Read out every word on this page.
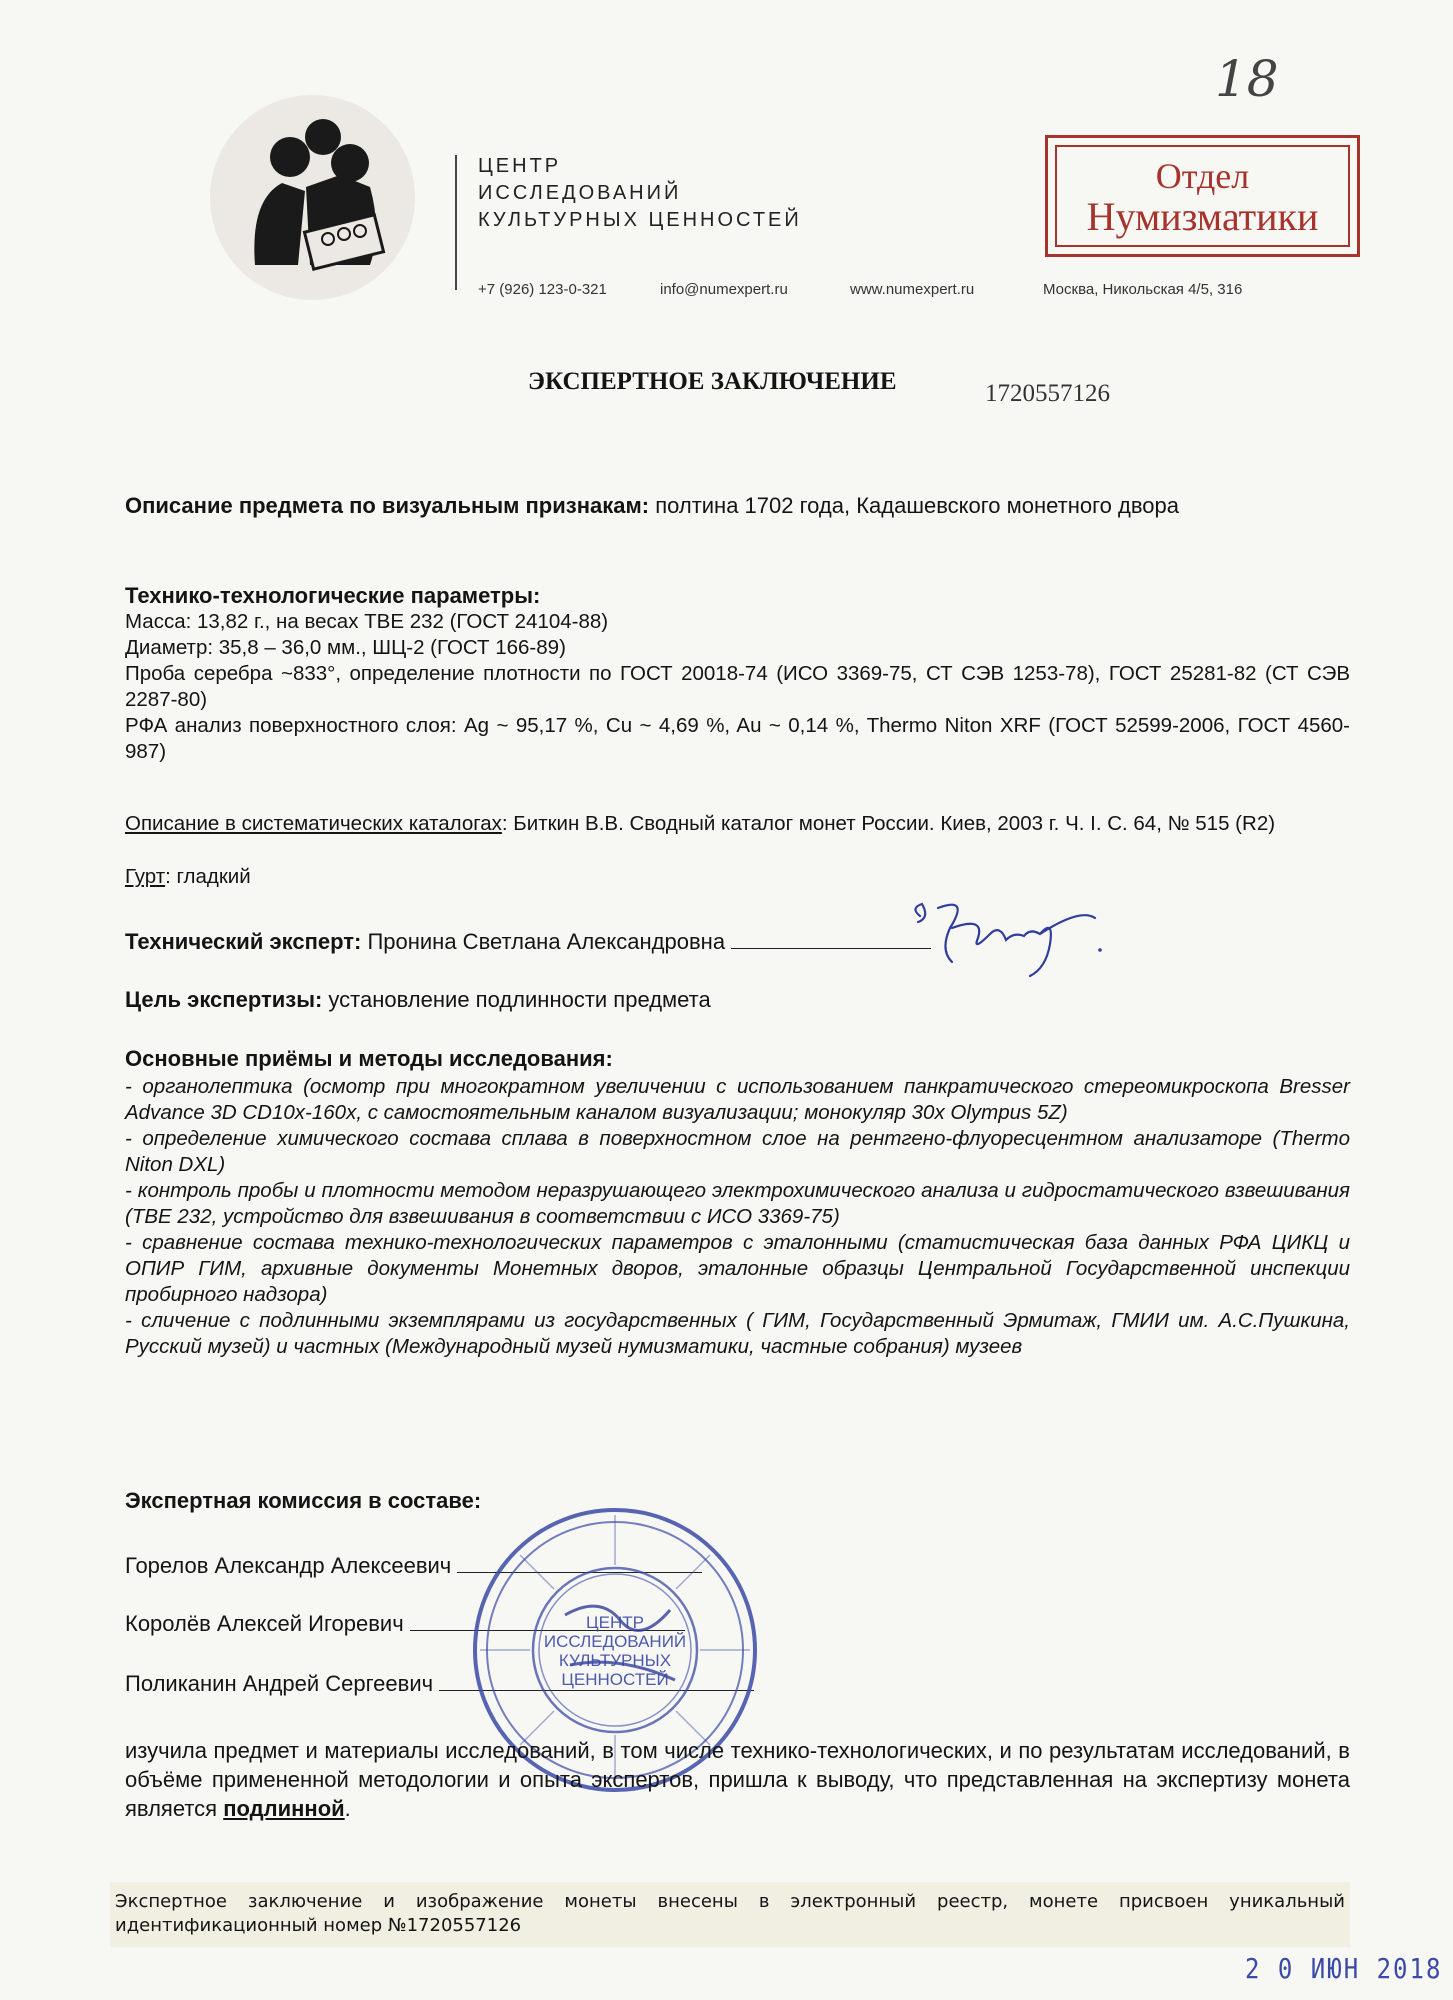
ЦЕНТР
ИССЛЕДОВАНИЙ
КУЛЬТУРНЫХ ЦЕННОСТЕЙ
+7 (926) 123-0-321	info@numexpert.ru	www.numexpert.ru	Москва, Никольская 4/5, 316
Отдел
Нумизматики
18
ЭКСПЕРТНОЕ ЗАКЛЮЧЕНИЕ	1720557126
Описание предмета по визуальным признакам: полтина 1702 года, Кадашевского монетного двора
Технико-технологические параметры:
Масса: 13,82 г., на весах ТВЕ 232 (ГОСТ 24104-88)
Диаметр: 35,8 – 36,0 мм., ШЦ-2 (ГОСТ 166-89)
Проба серебра ~833°, определение плотности по ГОСТ 20018-74 (ИСО 3369-75, СТ СЭВ 1253-78), ГОСТ 25281-82 (СТ СЭВ 2287-80)
РФА анализ поверхностного слоя: Ag ~ 95,17 %, Cu ~ 4,69 %, Au ~ 0,14 %, Thermo Niton XRF (ГОСТ 52599-2006, ГОСТ 4560-987)
Описание в систематических каталогах: Биткин В.В. Сводный каталог монет России. Киев, 2003 г. Ч. I. С. 64, № 515 (R2)
Гурт: гладкий
Технический эксперт: Пронина Светлана Александровна
Цель экспертизы: установление подлинности предмета
Основные приёмы и методы исследования:
- органолептика (осмотр при многократном увеличении с использованием панкратического стереомикроскопа Bresser Advance 3D CD10x-160x, с самостоятельным каналом визуализации; монокуляр 30x Olympus 5Z)
- определение химического состава сплава в поверхностном слое на рентгено-флуоресцентном анализаторе (Thermo Niton DXL)
- контроль пробы и плотности методом неразрушающего электрохимического анализа и гидростатического взвешивания (ТВЕ 232, устройство для взвешивания в соответствии с ИСО 3369-75)
- сравнение состава технико-технологических параметров с эталонными (статистическая база данных РФА ЦИКЦ и ОПИР ГИМ, архивные документы Монетных дворов, эталонные образцы Центральной Государственной инспекции пробирного надзора)
- сличение с подлинными экземплярами из государственных ( ГИМ, Государственный Эрмитаж, ГМИИ им. А.С.Пушкина, Русский музей) и частных (Международный музей нумизматики, частные собрания) музеев
Экспертная комиссия в составе:
Горелов Александр Алексеевич
Королёв Алексей Игоревич
Поликанин Андрей Сергеевич
ЦЕНТР
ИССЛЕДОВАНИЙ
КУЛЬТУРНЫХ
ЦЕННОСТЕЙ
изучила предмет и материалы исследований, в том числе технико-технологических, и по результатам исследований, в объёме примененной методологии и опыта экспертов, пришла к выводу, что представленная на экспертизу монета является подлинной.
Экспертное заключение и изображение монеты внесены в электронный реестр, монете присвоен уникальный идентификационный номер №1720557126
2 0 ИЮН 2018
